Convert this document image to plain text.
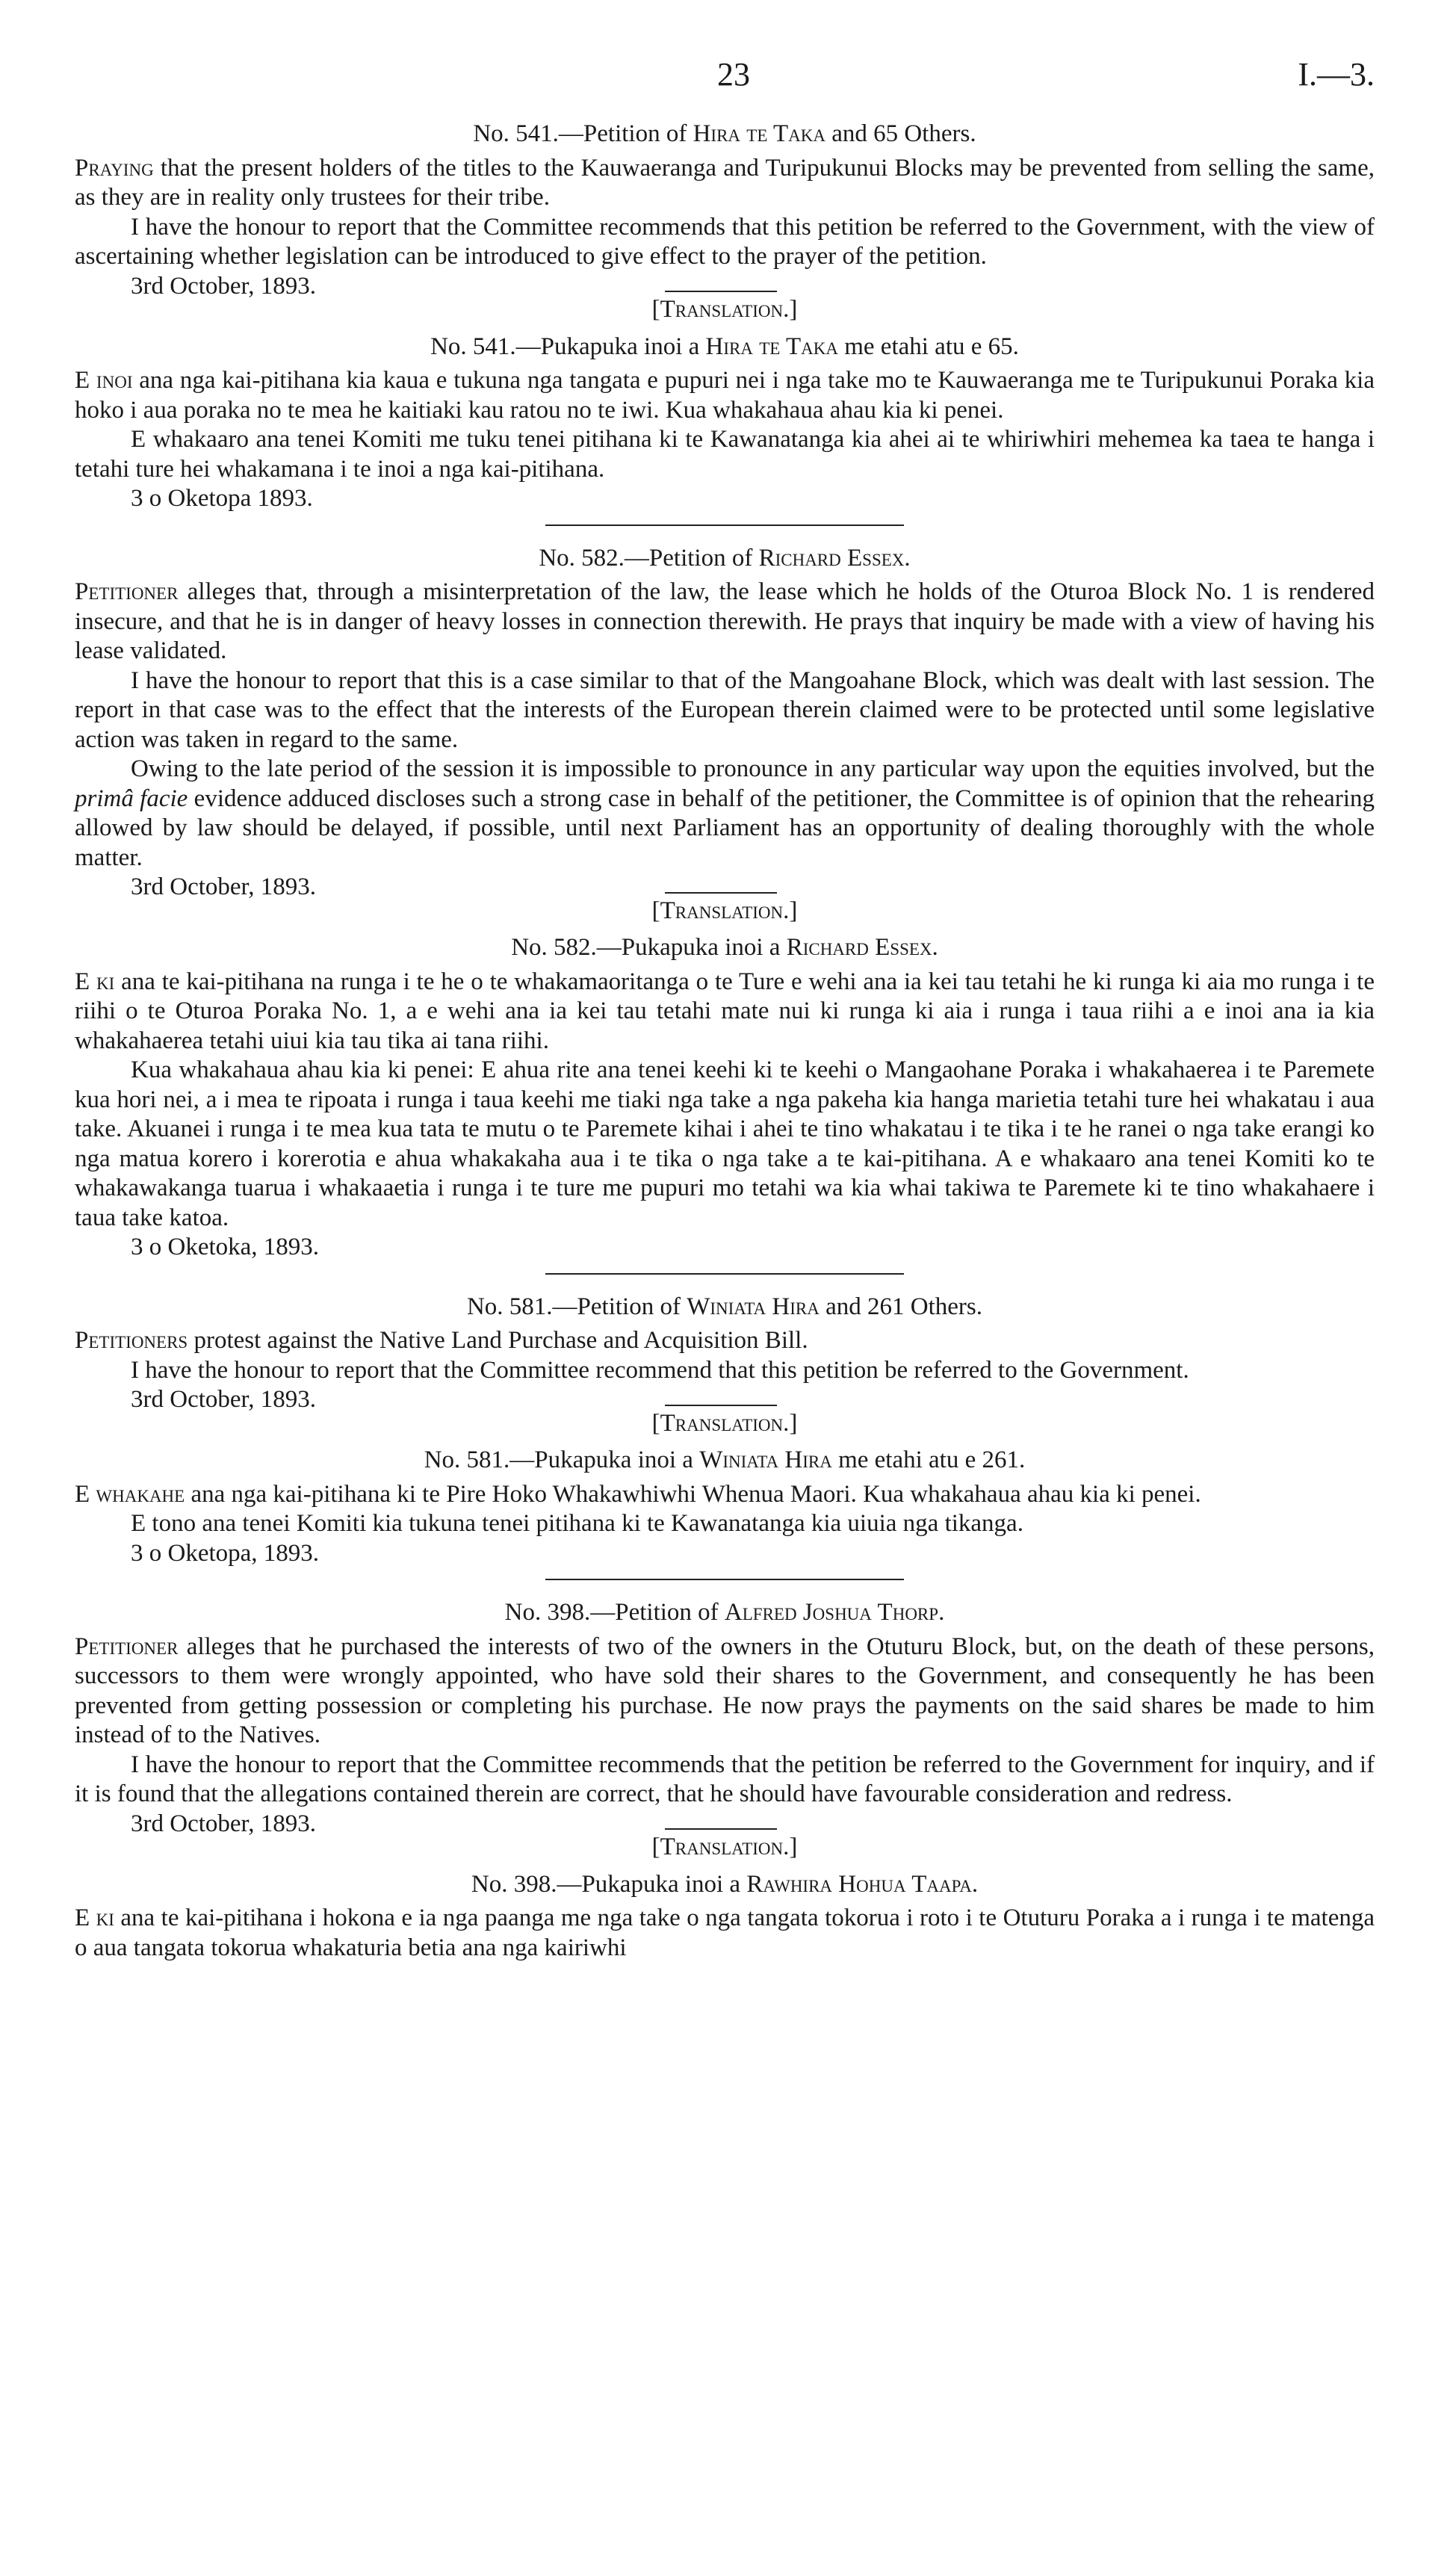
23	I.—3.
No. 541.—Petition of Hira te Taka and 65 Others.

Praying that the present holders of the titles to the Kauwaeranga and Turipukunui Blocks may be prevented from selling the same, as they are in reality only trustees for their tribe.

I have the honour to report that the Committee recommends that this petition be referred to the Government, with the view of ascertaining whether legislation can be introduced to give effect to the prayer of the petition.

3rd October, 1893.
[Translation.]
No. 541.—Pukapuka inoi a Hira te Taka me etahi atu e 65.

E inoi ana nga kai-pitihana kia kaua e tukuna nga tangata e pupuri nei i nga take mo te Kauwaeranga me te Turipukunui Poraka kia hoko i aua poraka no te mea he kaitiaki kau ratou no te iwi. Kua whakahaua ahau kia ki penei.

E whakaaro ana tenei Komiti me tuku tenei pitihana ki te Kawanatanga kia ahei ai te whiriwhiri mehemea ka taea te hanga i tetahi ture hei whakamana i te inoi a nga kai-pitihana.

3 o Oketopa 1893.
No. 582.—Petition of Richard Essex.

Petitioner alleges that, through a misinterpretation of the law, the lease which he holds of the Oturoa Block No. 1 is rendered insecure, and that he is in danger of heavy losses in connection therewith. He prays that inquiry be made with a view of having his lease validated.

I have the honour to report that this is a case similar to that of the Mangoahane Block, which was dealt with last session. The report in that case was to the effect that the interests of the European therein claimed were to be protected until some legislative action was taken in regard to the same.

Owing to the late period of the session it is impossible to pronounce in any particular way upon the equities involved, but the primâ facie evidence adduced discloses such a strong case in behalf of the petitioner, the Committee is of opinion that the rehearing allowed by law should be delayed, if possible, until next Parliament has an opportunity of dealing thoroughly with the whole matter.

3rd October, 1893.
[Translation.]
No. 582.—Pukapuka inoi a Richard Essex.

E ki ana te kai-pitihana na runga i te he o te whakamaoritanga o te Ture e wehi ana ia kei tau tetahi he ki runga ki aia mo runga i te riihi o te Oturoa Poraka No. 1, a e wehi ana ia kei tau tetahi mate nui ki runga ki aia i runga i taua riihi a e inoi ana ia kia whakahaerea tetahi uiui kia tau tika ai tana riihi.

Kua whakahaua ahau kia ki penei: E ahua rite ana tenei keehi ki te keehi o Mangaohane Poraka i whakahaerea i te Paremete kua hori nei, a i mea te ripoata i runga i taua keehi me tiaki nga take a nga pakeha kia hanga marietia tetahi ture hei whakatau i aua take. Akuanei i runga i te mea kua tata te mutu o te Paremete kihai i ahei te tino whakatau i te tika i te he ranei o nga take erangi ko nga matua korero i korerotia e ahua whakakaha aua i te tika o nga take a te kai-pitihana. A e whakaaro ana tenei Komiti ko te whakawakanga tuarua i whakaaetia i runga i te ture me pupuri mo tetahi wa kia whai takiwa te Paremete ki te tino whakahaere i taua take katoa.

3 o Oketoka, 1893.
No. 581.—Petition of Winiata Hira and 261 Others.

Petitioners protest against the Native Land Purchase and Acquisition Bill.

I have the honour to report that the Committee recommend that this petition be referred to the Government.

3rd October, 1893.
[Translation.]
No. 581.—Pukapuka inoi a Winiata Hira me etahi atu e 261.

E whakahe ana nga kai-pitihana ki te Pire Hoko Whakawhiwhi Whenua Maori. Kua whakahaua ahau kia ki penei.

E tono ana tenei Komiti kia tukuna tenei pitihana ki te Kawanatanga kia uiuia nga tikanga.

3 o Oketopa, 1893.
No. 398.—Petition of Alfred Joshua Thorp.

Petitioner alleges that he purchased the interests of two of the owners in the Otuturu Block, but, on the death of these persons, successors to them were wrongly appointed, who have sold their shares to the Government, and consequently he has been prevented from getting possession or completing his purchase. He now prays the payments on the said shares be made to him instead of to the Natives.

I have the honour to report that the Committee recommends that the petition be referred to the Government for inquiry, and if it is found that the allegations contained therein are correct, that he should have favourable consideration and redress.

3rd October, 1893.
[Translation.]
No. 398.—Pukapuka inoi a Rawhira Hohua Taapa.

E ki ana te kai-pitihana i hokona e ia nga paanga me nga take o nga tangata tokorua i roto i te Otuturu Poraka a i runga i te matenga o aua tangata tokorua whakaturia betia ana nga kairiwhi
